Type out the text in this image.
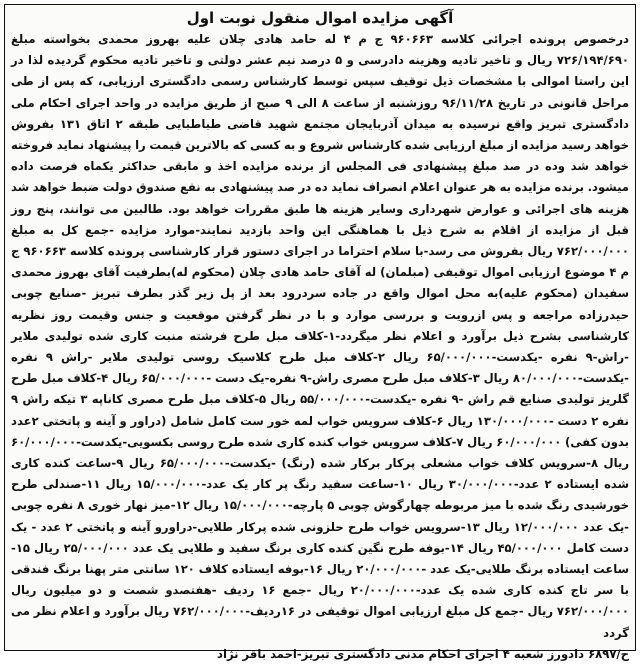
آگهی مزایده اموال منقول نوبت اول
درخصوص پرونده اجرائی کلاسه ۹۶۰۶۶۳ ج م ۴ له حامد هادی چلان علیه بهروز محمدی بخواسته مبلغ ۷۲۶/۱۹۴/۶۹۰ ریال و تاخیر تادیه وهزینه دادرسی و ۵ درصد نیم عشر دولتی و تاخیر تادیه محکوم گردیده لذا در این راستا اموالی با مشخصات ذیل توقیف سپس توسط کارشناس رسمی دادگستری ارزیابی، که پس از طی مراحل قانونی در تاریخ ۹۶/۱۱/۲۸ روزشنبه از ساعت ۸ الی ۹ صبح از طریق مزایده در واحد اجرای احکام ملی دادگستری تبریز واقع نرسیده به میدان آذربایجان مجتمع شهید قاضی طباطبایی طبقه ۲ اتاق ۱۳۱ بفروش خواهد رسید مزایده از مبلغ ارزیابی شده کارشناس شروع و به کسی که بالاترین قیمت را پیشنهاد نماید فروخته خواهد شد وده در صد مبلغ پیشنهادی فی المجلس از برنده مزایده اخذ و مابقی حداکثر یکماه فرصت داده میشود. برنده مزایده به هر عنوان اعلام انصراف نماید ده در صد پیشنهادی به نفع صندوق دولت ضبط خواهد شد هزینه های اجرائی و عوارض شهرداری وسایر هزینه ها طبق مقررات خواهد بود. طالبین می توانند، پنج روز قبل از مزایده از اقلام به شرح ذیل با هماهنگی این واحد بازدید نمایند-موارد مزایده -جمع کل به مبلغ ۷۶۲/۰۰۰/۰۰۰ ریال بفروش می رسد-با سلام احتراما در اجرای دستور قرار کارشناسی پرونده کلاسه ۹۶۰۶۶۳ ج م ۴ موضوع ارزیابی اموال توقیفی (مبلمان) له آقای حامد هادی چلان (محکوم له)بطرفیت آقای بهروز محمدی سفیدان (محکوم علیه)به محل اموال واقع در جاده سردرود بعد از پل زیر گذر بطرف تبریز -صنایع چوبی حیدرزاده مراجعه و پس ازرویت و بررسی موارد و با در نظر گرفتن موقعیت و جنس وقیمت روز نظریه کارشناسی بشرح ذیل برآورد و اعلام نظر میگردد-۱-کلاف مبل طرح فرشته منبت کاری شده تولیدی ملایر -راش-۹ نفره -یکدست-۶۵/۰۰۰/۰۰۰ ریال ۲-کلاف مبل طرح کلاسیک روسی تولیدی ملایر -راش ۹ نفره -یکدست-۸۰/۰۰۰/۰۰۰ ریال ۳-کلاف مبل طرح مصری راش-۹ نفره-یک دست -۶۵/۰۰۰/۰۰۰ ریال ۴-کلاف مبل طرح گلریز تولیدی صنایع قم راش -۹ نفره -یکدست-۵۵/۰۰۰/۰۰۰ ریال ۵-کلاف مبل طرح مصری کاناپه ۳ تیکه راش ۹ نفره ۲ دست -۱۳۰/۰۰۰/۰۰۰ ریال ۶-کلاف سرویس خواب لمه خور ست کامل شامل (دراور و آینه و پاتختی ۲عدد بدون کفی) ۶۰/۰۰۰/۰۰۰ ریال ۷-کلاف سرویس خواب کنده کاری شده طرح روسی بکسویی-یکدست-۶۰/۰۰۰/۰۰۰ ریال ۸-سرویس کلاف خواب مشعلی پرکار برکار شده (رنگ) -یکدست-۶۵/۰۰۰/۰۰۰ ریال ۹-ساعت کنده کاری شده ایستاده ۲ عدد-۳۰/۰۰۰/۰۰۰ ریال ۱۰-ساعت سفید رنگ پر کار یک عدد-۱۵/۰۰۰/۰۰۰ ریال ۱۱-صندلی طرح خورشیدی رنگ شده با میز مربوطه چهارگوش چوبی ۵ پارچه-۱۵/۰۰۰/۰۰۰ ریال ۱۲-میز نهار خوری ۸ نفره چوبی -یک عدد ۱۲/۰۰۰/۰۰۰ ریال ۱۳-سرویس خواب طرح حلزونی شده پرکار طلایی-دراورو آینه و پاتختی ۲ عدد - یک دست کامل ۴۵/۰۰۰/۰۰۰ ریال ۱۴-بوفه طرح نگین کنده کاری برنگ سفید و طلایی یک عدد ۲۵/۰۰۰/۰۰۰ ریال ۱۵-ساعت ایستاده برنگ طلایی-یک عدد -۲۰/۰۰۰/۰۰۰ ریال ۱۶-بوفه ایستاده کلاف ۱۲۰ سانتی متر پهنا برنگ فندقی با سر تاج کنده کاری شده یک عدد-۲۰/۰۰۰/۰۰۰ ریال -جمع ۱۶ ردیف -هفتصدو شصت و دو میلیون ریال ۷۶۲/۰۰۰/۰۰۰ ریال -جمع کل مبلغ ارزیابی اموال توقیفی در ۱۶ردیف-۷۶۲/۰۰۰/۰۰۰ ریال برآورد و اعلام نظر می گردد
ح/۶۸۹۷ دادورز شعبه ۴ اجرای احکام مدنی دادگستری تبریز-احمد باقر نژاد
